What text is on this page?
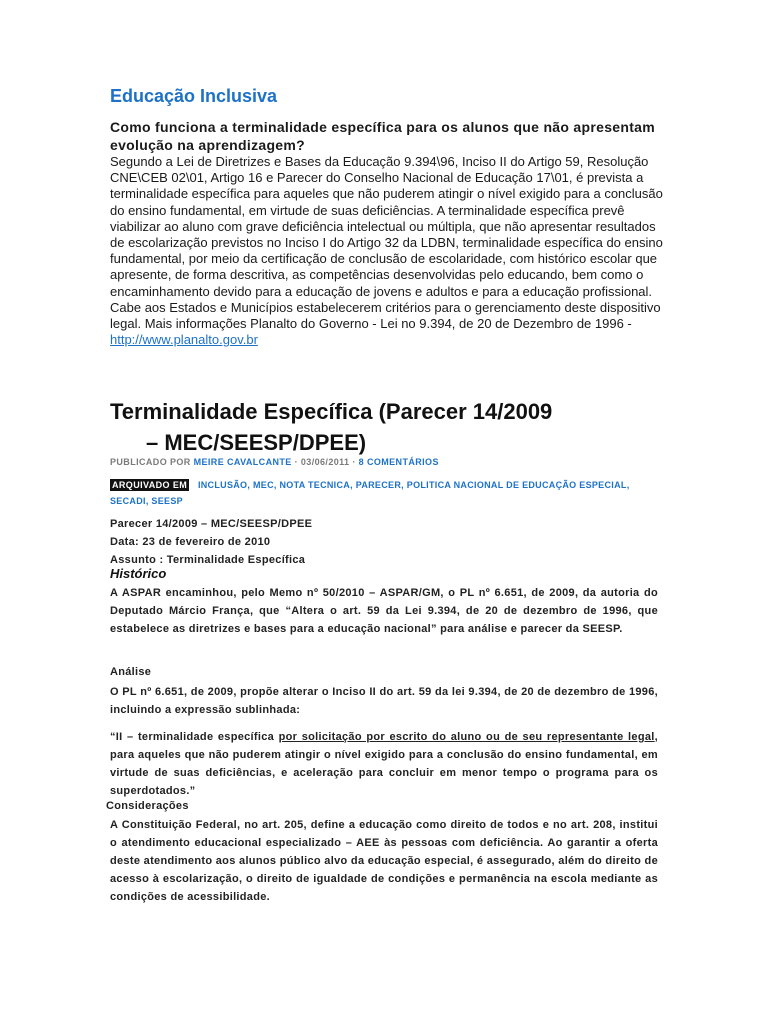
Educação Inclusiva
Como funciona a terminalidade específica para os alunos que não apresentam evolução na aprendizagem?
Segundo a Lei de Diretrizes e Bases da Educação 9.394\96, Inciso II do Artigo 59, Resolução CNE\CEB 02\01, Artigo 16 e Parecer do Conselho Nacional de Educação 17\01, é prevista a terminalidade específica para aqueles que não puderem atingir o nível exigido para a conclusão do ensino fundamental, em virtude de suas deficiências. A terminalidade específica prevê viabilizar ao aluno com grave deficiência intelectual ou múltipla, que não apresentar resultados de escolarização previstos no Inciso I do Artigo 32 da LDBN, terminalidade específica do ensino fundamental, por meio da certificação de conclusão de escolaridade, com histórico escolar que apresente, de forma descritiva, as competências desenvolvidas pelo educando, bem como o encaminhamento devido para a educação de jovens e adultos e para a educação profissional. Cabe aos Estados e Municípios estabelecerem critérios para o gerenciamento deste dispositivo legal. Mais informações Planalto do Governo - Lei no 9.394, de 20 de Dezembro de 1996 -
http://www.planalto.gov.br
Terminalidade Específica (Parecer 14/2009
– MEC/SEESP/DPEE)
PUBLICADO POR MEIRE CAVALCANTE · 03/06/2011 · 8 COMENTÁRIOS
ARQUIVADO EM INCLUSÃO, MEC, NOTA TECNICA, PARECER, POLITICA NACIONAL DE EDUCAÇÃO ESPECIAL, SECADI, SEESP
Parecer 14/2009 – MEC/SEESP/DPEE
Data: 23 de fevereiro de 2010
Assunto : Terminalidade Específica
Histórico
A ASPAR encaminhou, pelo Memo nº 50/2010 – ASPAR/GM, o PL nº 6.651, de 2009, da autoria do Deputado Márcio França, que “Altera o art. 59 da Lei 9.394, de 20 de dezembro de 1996, que estabelece as diretrizes e bases para a educação nacional” para análise e parecer da SEESP.
Análise
O PL nº 6.651, de 2009, propõe alterar o Inciso II do art. 59 da lei 9.394, de 20 de dezembro de 1996, incluindo a expressão sublinhada:
“II – terminalidade específica por solicitação por escrito do aluno ou de seu representante legal, para aqueles que não puderem atingir o nível exigido para a conclusão do ensino fundamental, em virtude de suas deficiências, e aceleração para concluir em menor tempo o programa para os superdotados.”
Considerações
A Constituição Federal, no art. 205, define a educação como direito de todos e no art. 208, institui o atendimento educacional especializado – AEE às pessoas com deficiência. Ao garantir a oferta deste atendimento aos alunos público alvo da educação especial, é assegurado, além do direito de acesso à escolarização, o direito de igualdade de condições e permanência na escola mediante as condições de acessibilidade.
